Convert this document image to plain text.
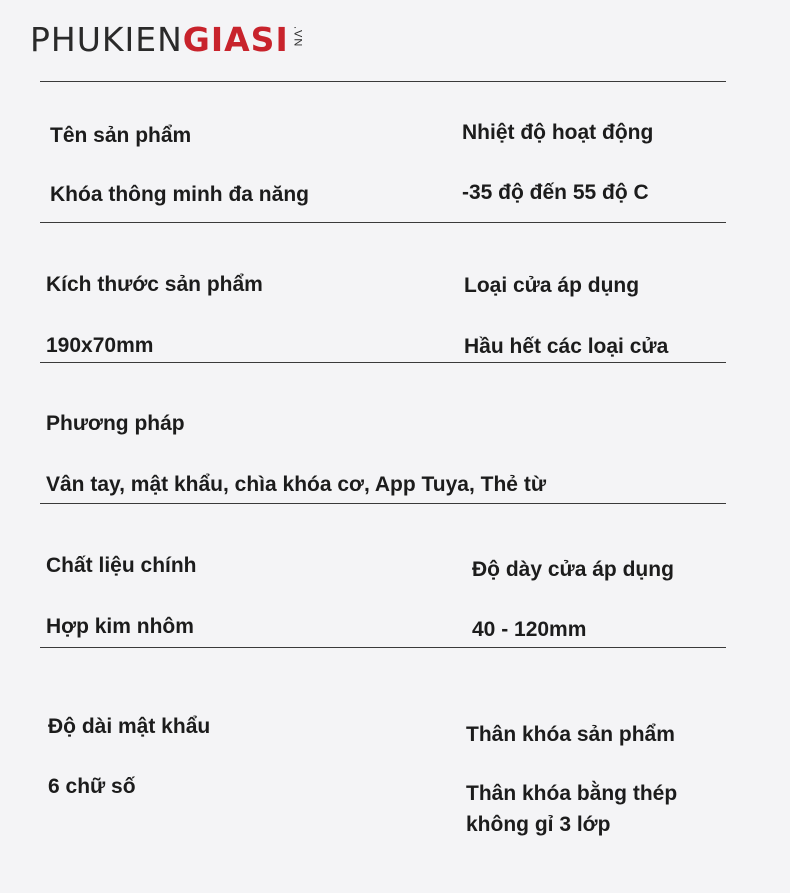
PHUKIEN GIASI .VN
Tên sản phẩm
Khóa thông minh đa năng
Nhiệt độ hoạt động
-35 độ đến 55 độ C
Kích thước sản phẩm
190x70mm
Loại cửa áp dụng
Hầu hết các loại cửa
Phương pháp
Vân tay, mật khẩu, chìa khóa cơ, App Tuya, Thẻ từ
Chất liệu chính
Hợp kim nhôm
Độ dày cửa áp dụng
40 - 120mm
Độ dài mật khẩu
6 chữ số
Thân khóa sản phẩm
Thân khóa bằng thép không gỉ 3 lớp
